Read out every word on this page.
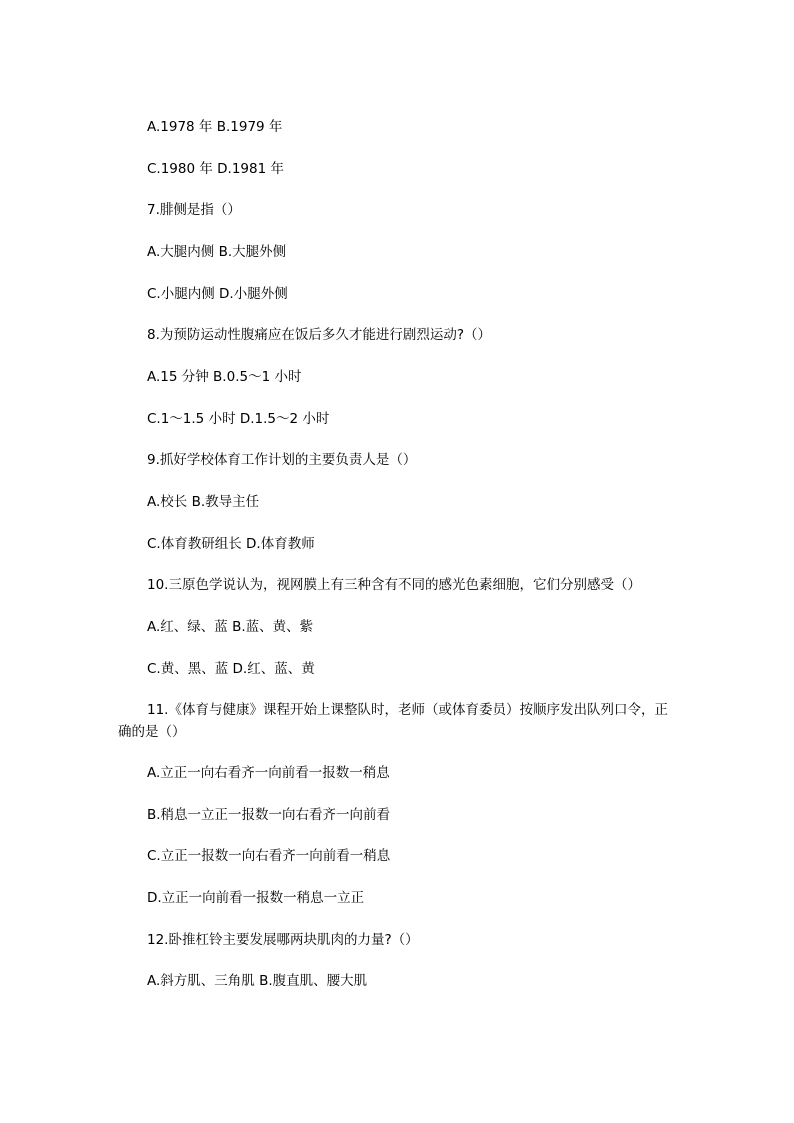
A.1978 年 B.1979 年
C.1980 年 D.1981 年
7.腓侧是指（）
A.大腿内侧 B.大腿外侧
C.小腿内侧 D.小腿外侧
8.为预防运动性腹痛应在饭后多久才能进行剧烈运动?（）
A.15 分钟 B.0.5～1 小时
C.1～1.5 小时 D.1.5～2 小时
9.抓好学校体育工作计划的主要负责人是（）
A.校长 B.教导主任
C.体育教研组长 D.体育教师
10.三原色学说认为，视网膜上有三种含有不同的感光色素细胞，它们分别感受（）
A.红、绿、蓝 B.蓝、黄、紫
C.黄、黑、蓝 D.红、蓝、黄
11.《体育与健康》课程开始上课整队时，老师（或体育委员）按顺序发出队列口令，正确的是（）
A.立正一向右看齐一向前看一报数一稍息
B.稍息一立正一报数一向右看齐一向前看
C.立正一报数一向右看齐一向前看一稍息
D.立正一向前看一报数一稍息一立正
12.卧推杠铃主要发展哪两块肌肉的力量?（）
A.斜方肌、三角肌 B.腹直肌、腰大肌
